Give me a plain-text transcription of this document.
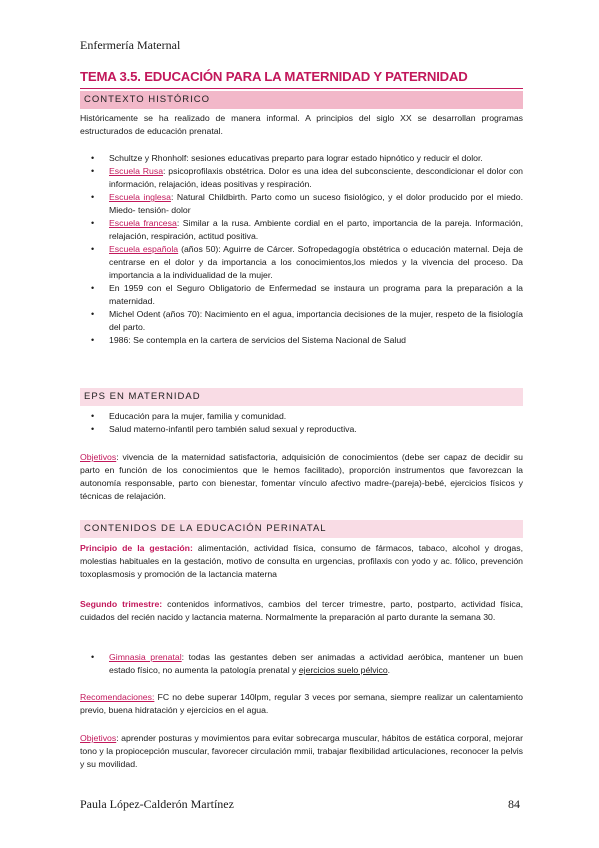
Enfermería Maternal
TEMA 3.5. EDUCACIÓN PARA LA MATERNIDAD Y PATERNIDAD
CONTEXTO HISTÓRICO
Históricamente se ha realizado de manera informal. A principios del siglo XX se desarrollan programas estructurados de educación prenatal.
• Schultze y Rhonholf: sesiones educativas preparto para lograr estado hipnótico y reducir el dolor.
• Escuela Rusa: psicoprofilaxis obstétrica. Dolor es una idea del subconsciente, descondicionar el dolor con información, relajación, ideas positivas y respiración.
• Escuela inglesa: Natural Childbirth. Parto como un suceso fisiológico, y el dolor producido por el miedo. Miedo- tensión- dolor
• Escuela francesa: Similar a la rusa. Ambiente cordial en el parto, importancia de la pareja. Información, relajación, respiración, actitud positiva.
• Escuela española (años 50): Aguirre de Cárcer. Sofropedagogía obstétrica o educación maternal. Deja de centrarse en el dolor y da importancia a los conocimientos,los miedos y la vivencia del proceso. Da importancia a la individualidad de la mujer.
• En 1959 con el Seguro Obligatorio de Enfermedad se instaura un programa para la preparación a la maternidad.
• Michel Odent (años 70): Nacimiento en el agua, importancia decisiones de la mujer, respeto de la fisiología del parto.
• 1986: Se contempla en la cartera de servicios del Sistema Nacional de Salud
EPS EN MATERNIDAD
• Educación para la mujer, familia y comunidad.
• Salud materno-infantil pero también salud sexual y reproductiva.
Objetivos: vivencia de la maternidad satisfactoria, adquisición de conocimientos (debe ser capaz de decidir su parto en función de los conocimientos que le hemos facilitado), proporción instrumentos que favorezcan la autonomía responsable, parto con bienestar, fomentar vínculo afectivo madre-(pareja)-bebé, ejercicios físicos y técnicas de relajación.
CONTENIDOS DE LA EDUCACIÓN PERINATAL
Principio de la gestación: alimentación, actividad física, consumo de fármacos, tabaco, alcohol y drogas, molestias habituales en la gestación, motivo de consulta en urgencias, profilaxis con yodo y ac. fólico, prevención toxoplasmosis y promoción de la lactancia materna
Segundo trimestre: contenidos informativos, cambios del tercer trimestre, parto, postparto, actividad física, cuidados del recién nacido y lactancia materna. Normalmente la preparación al parto durante la semana 30.
• Gimnasia prenatal: todas las gestantes deben ser animadas a actividad aeróbica, mantener un buen estado físico, no aumenta la patología prenatal y ejercicios suelo pélvico.
Recomendaciones: FC no debe superar 140lpm, regular 3 veces por semana, siempre realizar un calentamiento previo, buena hidratación y ejercicios en el agua.
Objetivos: aprender posturas y movimientos para evitar sobrecarga muscular, hábitos de estática corporal, mejorar tono y la propiocepción muscular, favorecer circulación mmii, trabajar flexibilidad articulaciones, reconocer la pelvis y su movilidad.
Paula López-Calderón Martínez	84
